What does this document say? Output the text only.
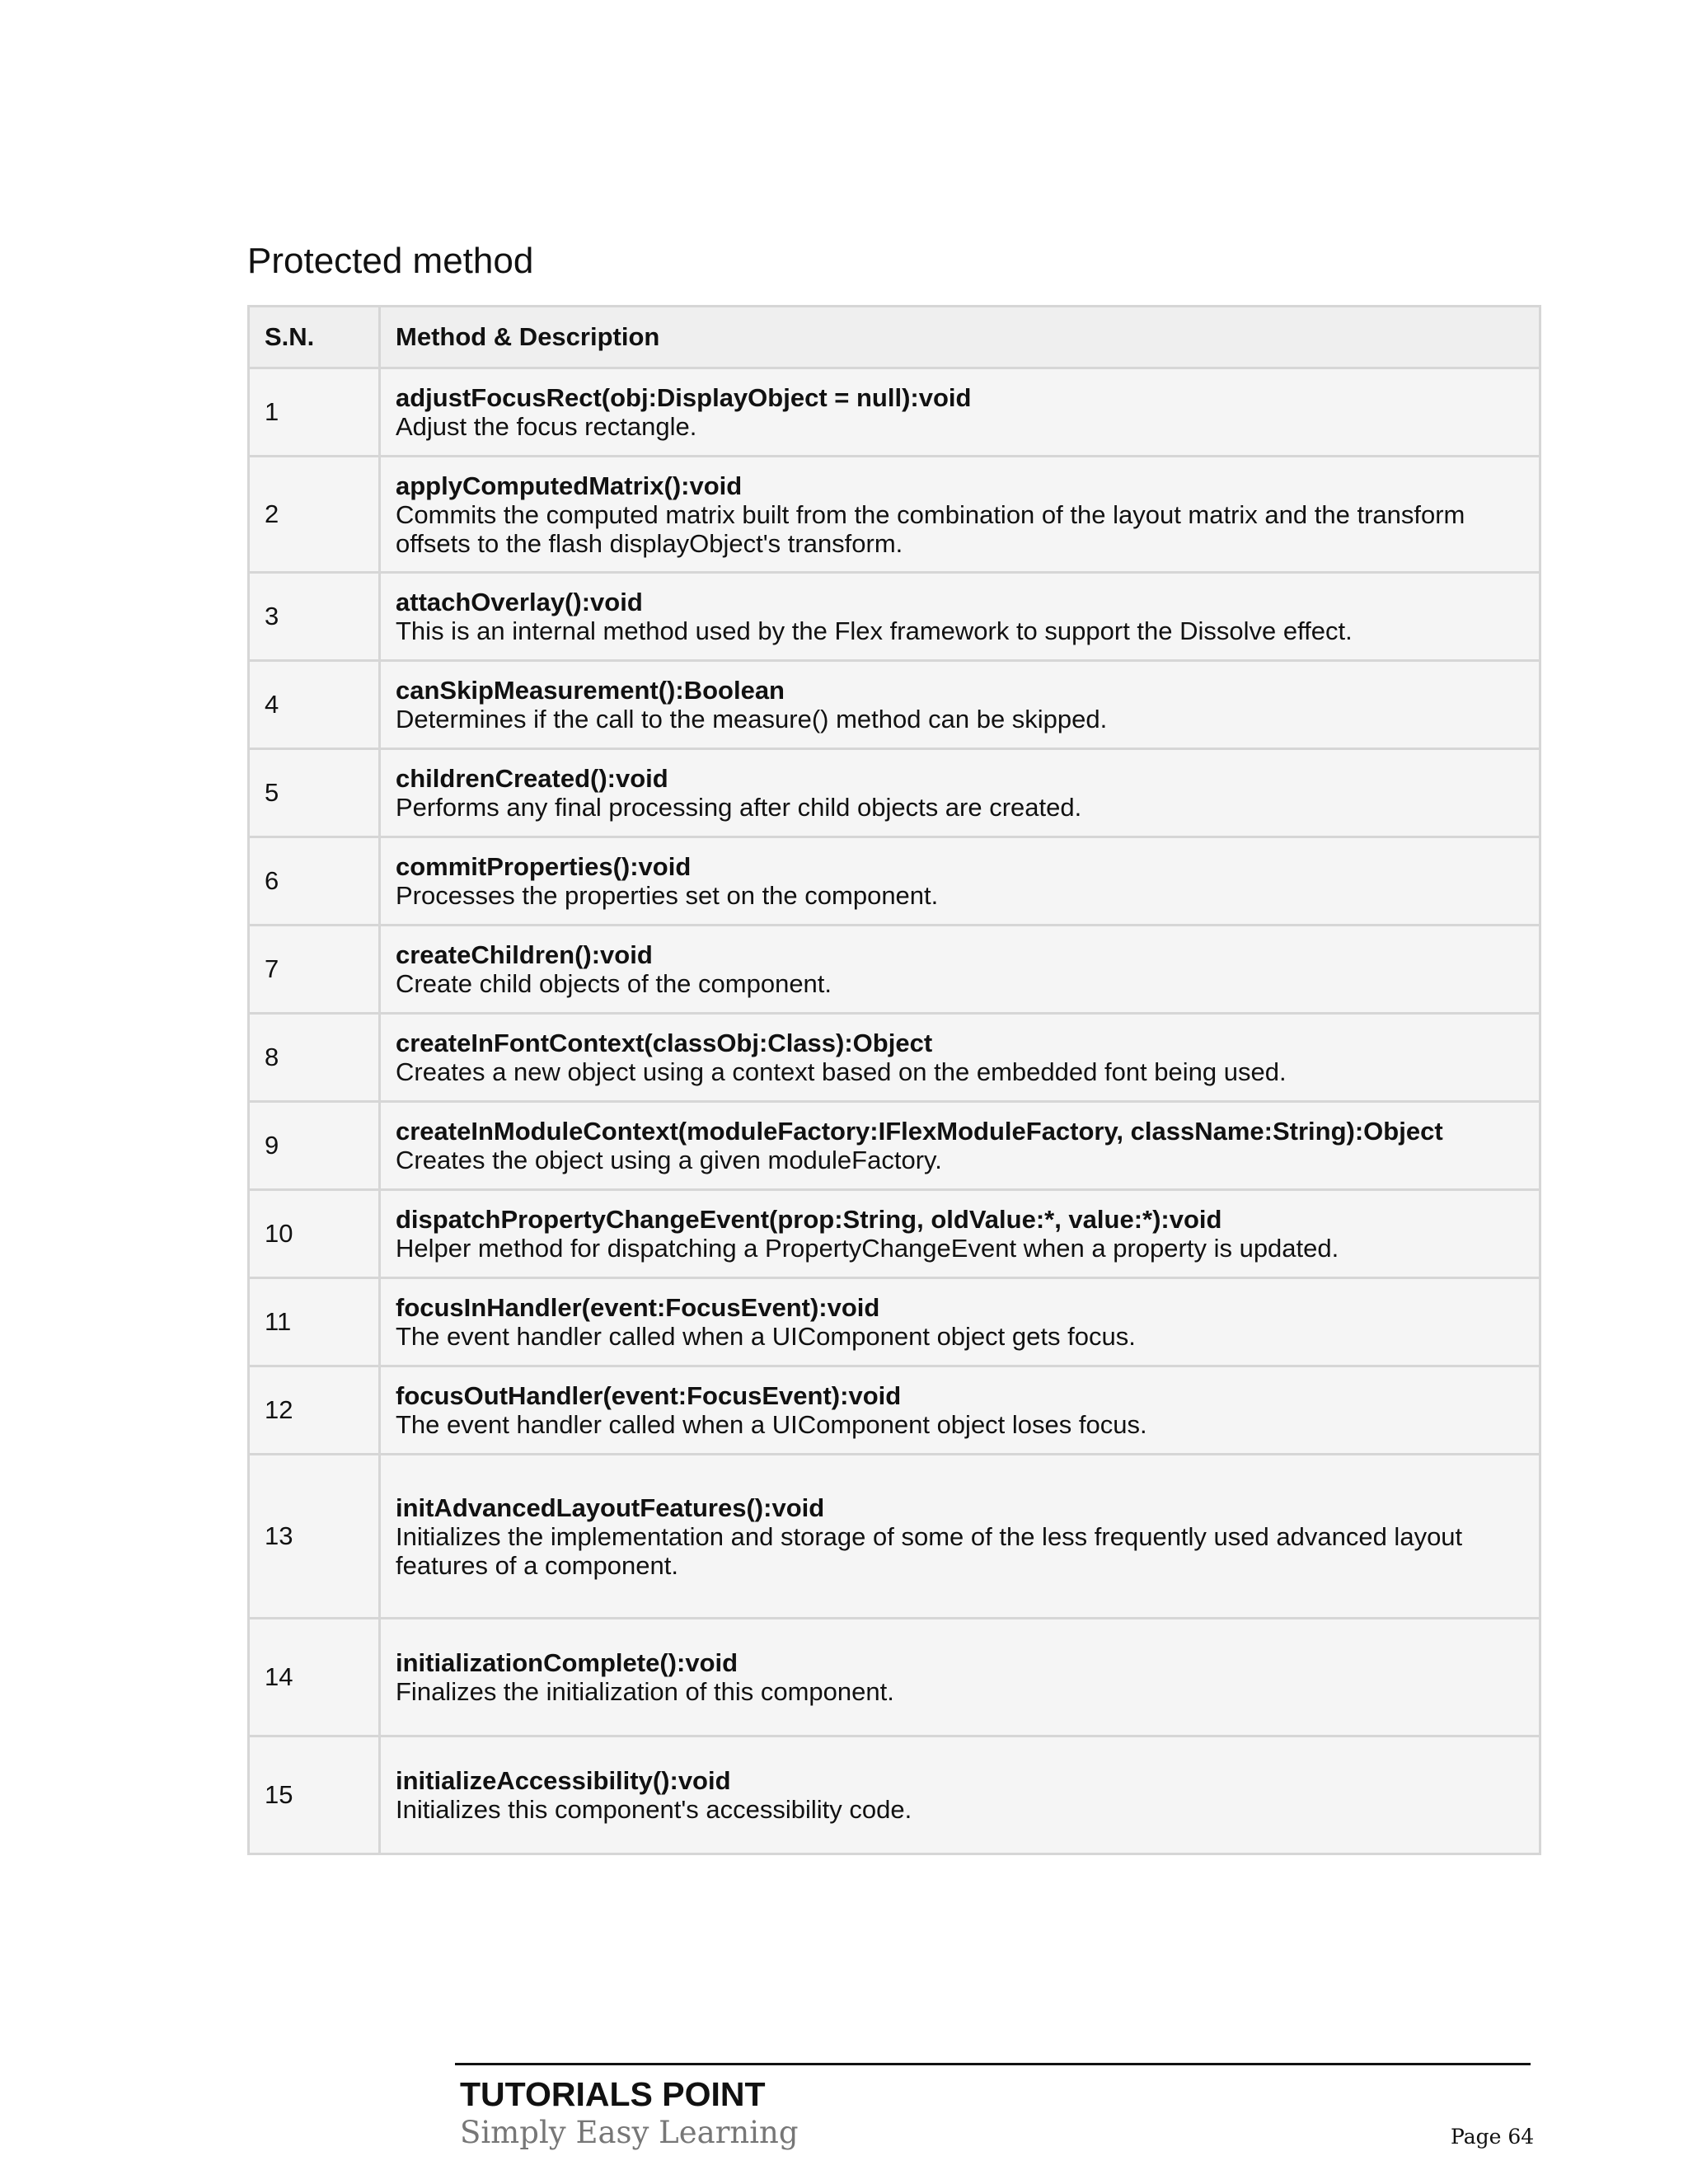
Protected method
S.N.	Method & Description
1	adjustFocusRect(obj:DisplayObject = null):void
Adjust the focus rectangle.

2	applyComputedMatrix():void
Commits the computed matrix built from the combination of the layout matrix and the transform offsets to the flash displayObject's transform.

3	attachOverlay():void
This is an internal method used by the Flex framework to support the Dissolve effect.

4	canSkipMeasurement():Boolean
Determines if the call to the measure() method can be skipped.

5	childrenCreated():void
Performs any final processing after child objects are created.

6	commitProperties():void
Processes the properties set on the component.

7	createChildren():void
Create child objects of the component.

8	createInFontContext(classObj:Class):Object
Creates a new object using a context based on the embedded font being used.

9	createInModuleContext(moduleFactory:IFlexModuleFactory, className:String):Object
Creates the object using a given moduleFactory.

10	dispatchPropertyChangeEvent(prop:String, oldValue:*, value:*):void
Helper method for dispatching a PropertyChangeEvent when a property is updated.

11	focusInHandler(event:FocusEvent):void
The event handler called when a UIComponent object gets focus.

12	focusOutHandler(event:FocusEvent):void
The event handler called when a UIComponent object loses focus.

13	initAdvancedLayoutFeatures():void
Initializes the implementation and storage of some of the less frequently used advanced layout features of a component.

14	initializationComplete():void
Finalizes the initialization of this component.

15	initializeAccessibility():void
Initializes this component's accessibility code.
TUTORIALS POINT
Simply Easy Learning	Page 64
